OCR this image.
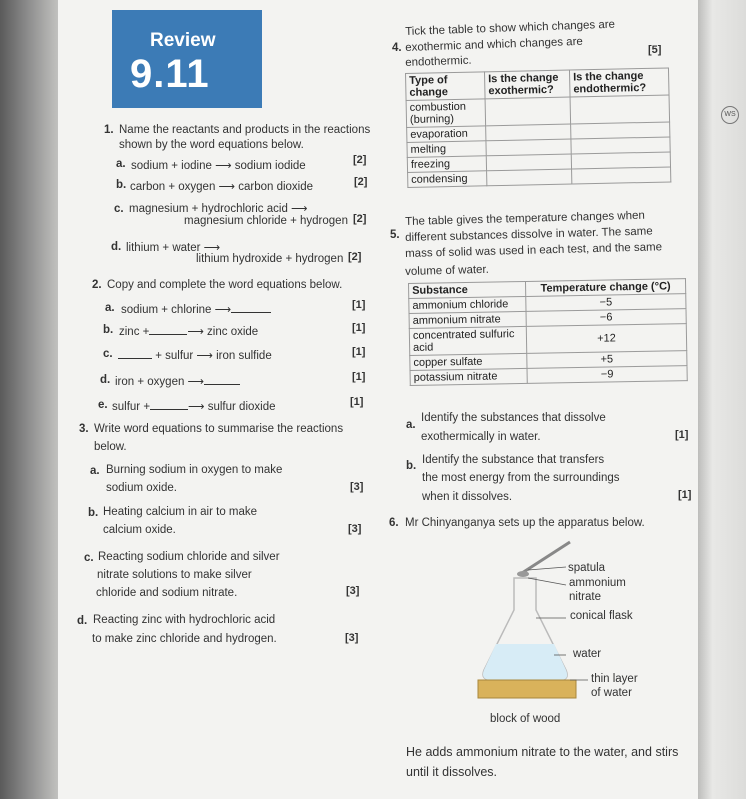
WS
Review
9.11
1. Name the reactants and products in the reactions
shown by the word equations below.
a. sodium + iodine ⟶ sodium iodide	[2]
b. carbon + oxygen ⟶ carbon dioxide	[2]
c. magnesium + hydrochloric acid ⟶
magnesium chloride + hydrogen [2]
d. lithium + water ⟶
lithium hydroxide + hydrogen [2]
2. Copy and complete the word equations below.
a. sodium + chlorine ⟶	[1]
b. zinc +	⟶ zinc oxide	[1]
c.	+ sulfur ⟶ iron sulfide	[1]
d. iron + oxygen ⟶	[1]
e. sulfur +	⟶ sulfur dioxide	[1]
3. Write word equations to summarise the reactions
below.
a. Burning sodium in oxygen to make
sodium oxide.	[3]
b. Heating calcium in air to make
calcium oxide.	[3]
c. Reacting sodium chloride and silver
nitrate solutions to make silver
chloride and sodium nitrate.	[3]
d. Reacting zinc with hydrochloric acid
to make zinc chloride and hydrogen.	[3]
4.
Tick the table to show which changes are
exothermic and which changes are
endothermic.
[5]
Type of change	Is the change exothermic?	Is the change endothermic?
combustion (burning)		
evaporation		
melting		
freezing		
condensing		
5.
The table gives the temperature changes when
different substances dissolve in water. The same
mass of solid was used in each test, and the same
volume of water.
Substance	Temperature change (°C)
ammonium chloride	−5
ammonium nitrate	−6
concentrated sulfuric acid	+12
copper sulfate	+5
potassium nitrate	−9
a.
Identify the substances that dissolve
exothermically in water.	[1]
b. Identify the substance that transfers
the most energy from the surroundings
when it dissolves.	[1]
6. Mr Chinyanganya sets up the apparatus below.
spatula
ammonium
nitrate
conical flask
water
thin layer
of water
block of wood
He adds ammonium nitrate to the water, and stirs
until it dissolves.
